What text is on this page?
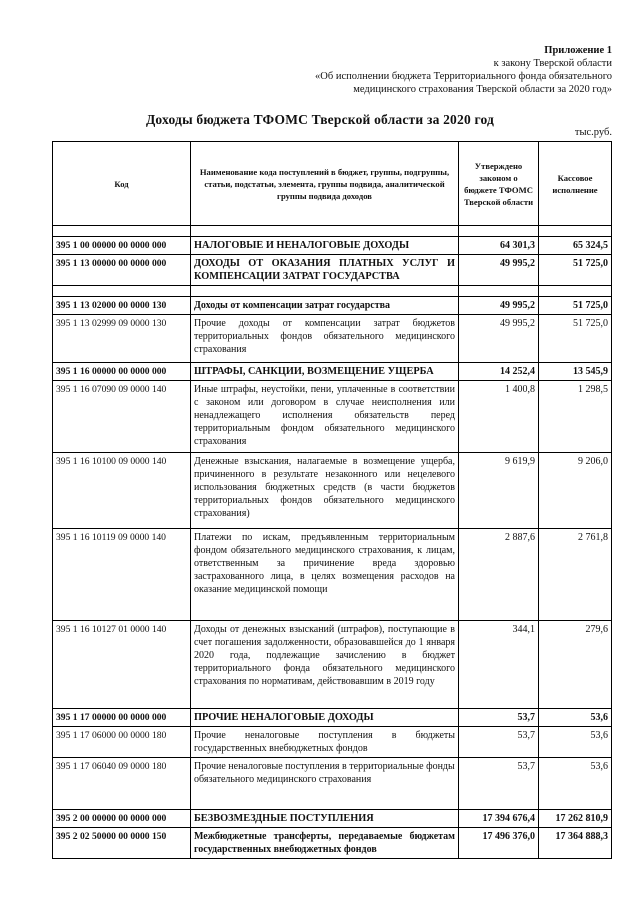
Приложение 1
к закону Тверской области
«Об исполнении бюджета Территориального фонда обязательного
медицинского страхования Тверской области за 2020 год»
Доходы бюджета ТФОМС Тверской области за 2020 год
тыс.руб.
Код	Наименование кода поступлений в бюджет, группы, подгруппы, статьи, подстатьи, элемента, группы подвида, аналитической группы подвида доходов	Утверждено законом о бюджете ТФОМС Тверской области	Кассовое исполнение

395 1 00 00000 00 0000 000	НАЛОГОВЫЕ И НЕНАЛОГОВЫЕ ДОХОДЫ	64 301,3	65 324,5
395 1 13 00000 00 0000 000	ДОХОДЫ ОТ ОКАЗАНИЯ ПЛАТНЫХ УСЛУГ И КОМПЕНСАЦИИ ЗАТРАТ ГОСУДАРСТВА	49 995,2	51 725,0

395 1 13 02000 00 0000 130	Доходы от компенсации затрат государства	49 995,2	51 725,0
395 1 13 02999 09 0000 130	Прочие доходы от компенсации затрат бюджетов территориальных фондов обязательного медицинского страхования	49 995,2	51 725,0
395 1 16 00000 00 0000 000	ШТРАФЫ, САНКЦИИ, ВОЗМЕЩЕНИЕ УЩЕРБА	14 252,4	13 545,9
395 1 16 07090 09 0000 140	Иные штрафы, неустойки, пени, уплаченные в соответствии с законом или договором в случае неисполнения или ненадлежащего исполнения обязательств перед территориальным фондом обязательного медицинского страхования	1 400,8	1 298,5
395 1 16 10100 09 0000 140	Денежные взыскания, налагаемые в возмещение ущерба, причиненного в результате незаконного или нецелевого использования бюджетных средств (в части бюджетов территориальных фондов обязательного медицинского страхования)	9 619,9	9 206,0
395 1 16 10119 09 0000 140	Платежи по искам, предъявленным территориальным фондом обязательного медицинского страхования, к лицам, ответственным за причинение вреда здоровью застрахованного лица, в целях возмещения расходов на оказание медицинской помощи	2 887,6	2 761,8
395 1 16 10127 01 0000 140	Доходы от денежных взысканий (штрафов), поступающие в счет погашения задолженности, образовавшейся до 1 января 2020 года, подлежащие зачислению в бюджет территориального фонда обязательного медицинского страхования по нормативам, действовавшим в 2019 году	344,1	279,6
395 1 17 00000 00 0000 000	ПРОЧИЕ НЕНАЛОГОВЫЕ ДОХОДЫ	53,7	53,6
395 1 17 06000 00 0000 180	Прочие неналоговые поступления в бюджеты государственных внебюджетных фондов	53,7	53,6
395 1 17 06040 09 0000 180	Прочие неналоговые поступления в территориальные фонды обязательного медицинского страхования	53,7	53,6
395 2 00 00000 00 0000 000	БЕЗВОЗМЕЗДНЫЕ ПОСТУПЛЕНИЯ	17 394 676,4	17 262 810,9
395 2 02 50000 00 0000 150	Межбюджетные трансферты, передаваемые бюджетам государственных внебюджетных фондов	17 496 376,0	17 364 888,3
